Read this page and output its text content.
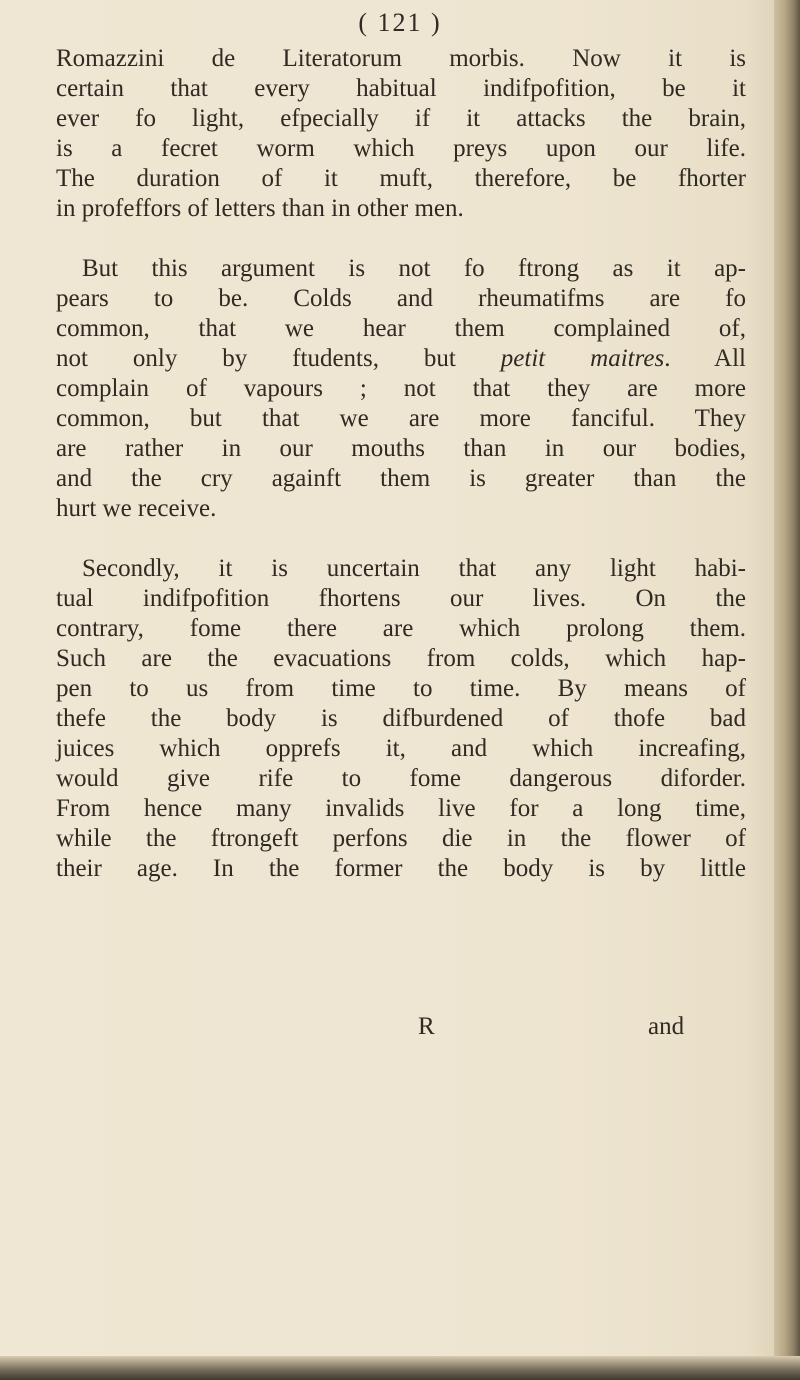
( 121 )
Romazzini de Literatorum morbis. Now it is
certain that every habitual indifpofition, be it
ever fo light, efpecially if it attacks the brain,
is a fecret worm which preys upon our life.
The duration of it muft, therefore, be fhorter
in profeffors of letters than in other men.
But this argument is not fo ftrong as it ap-
pears to be. Colds and rheumatifms are fo
common, that we hear them complained of,
not only by ftudents, but petit maitres. All
complain of vapours ; not that they are more
common, but that we are more fanciful. They
are rather in our mouths than in our bodies,
and the cry againft them is greater than the
hurt we receive.
Secondly, it is uncertain that any light habi-
tual indifpofition fhortens our lives. On the
contrary, fome there are which prolong them.
Such are the evacuations from colds, which hap-
pen to us from time to time. By means of
thefe the body is difburdened of thofe bad
juices which opprefs it, and which increafing,
would give rife to fome dangerous diforder.
From hence many invalids live for a long time,
while the ftrongeft perfons die in the flower of
their age. In the former the body is by little
R	and
